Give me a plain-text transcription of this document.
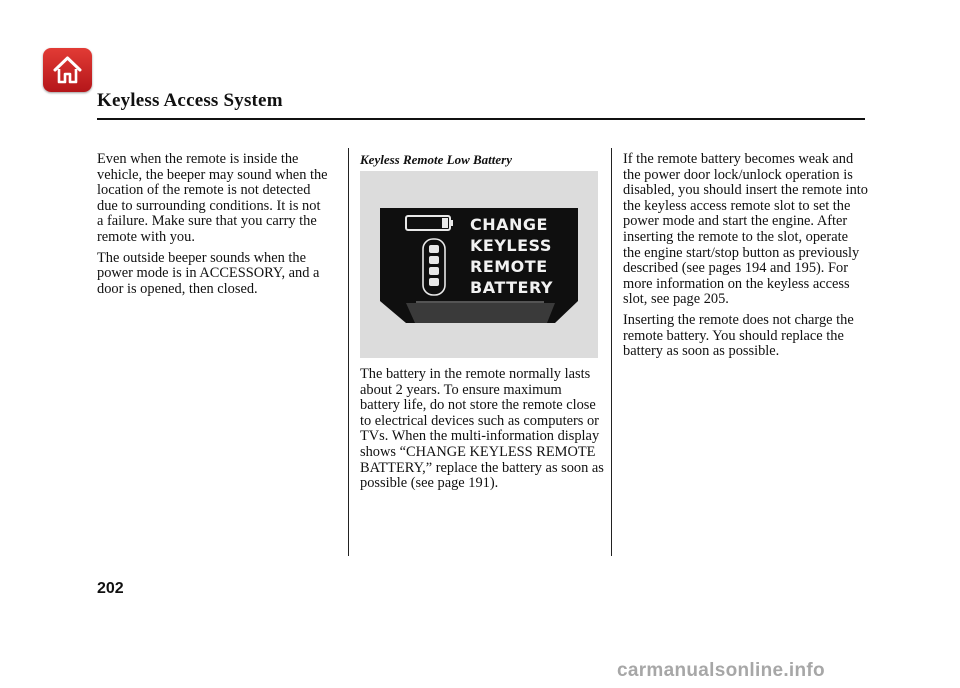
Keyless Access System

Even when the remote is inside the vehicle, the beeper may sound when the location of the remote is not detected due to surrounding conditions. It is not a failure. Make sure that you carry the remote with you.

The outside beeper sounds when the power mode is in ACCESSORY, and a door is opened, then closed.

Keyless Remote Low Battery
CHANGE
KEYLESS
REMOTE
BATTERY

The battery in the remote normally lasts about 2 years. To ensure maximum battery life, do not store the remote close to electrical devices such as computers or TVs. When the multi-information display shows “CHANGE KEYLESS REMOTE BATTERY,” replace the battery as soon as possible (see page 191).

If the remote battery becomes weak and the power door lock/unlock operation is disabled, you should insert the remote into the keyless access remote slot to set the power mode and start the engine. After inserting the remote to the slot, operate the engine start/stop button as previously described (see pages 194 and 195). For more information on the keyless access slot, see page 205.

Inserting the remote does not charge the remote battery. You should replace the battery as soon as possible.

202
carmanualsonline.info
